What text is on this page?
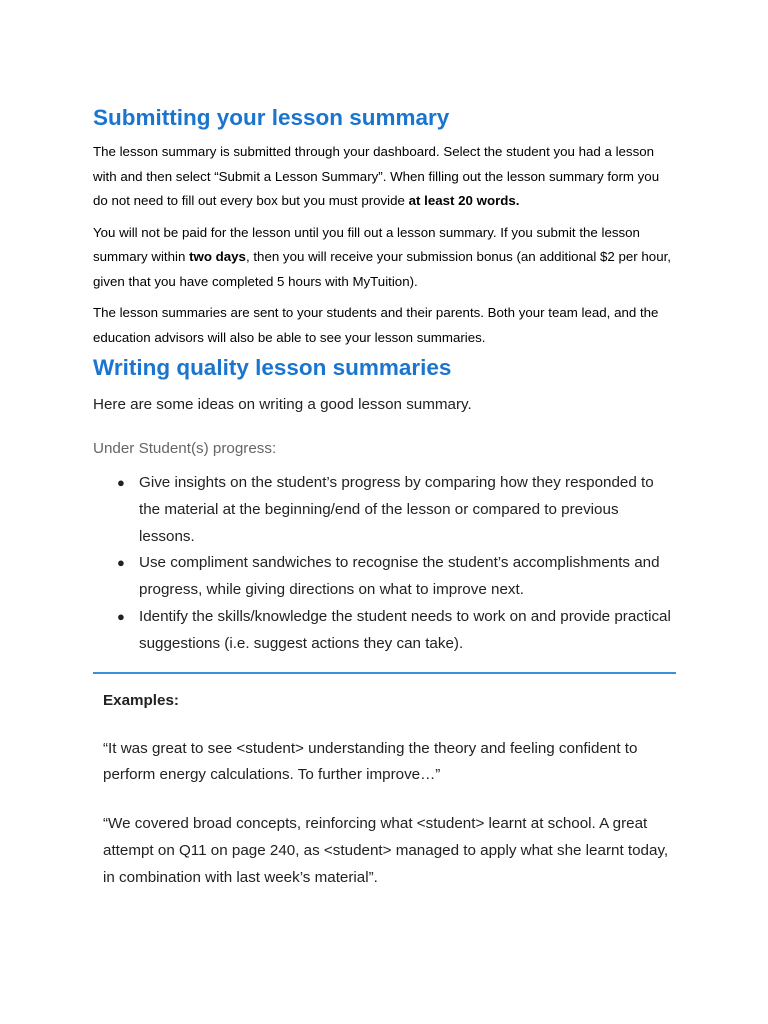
Submitting your lesson summary

The lesson summary is submitted through your dashboard. Select the student you had a lesson with and then select “Submit a Lesson Summary”. When filling out the lesson summary form you do not need to fill out every box but you must provide at least 20 words.

You will not be paid for the lesson until you fill out a lesson summary. If you submit the lesson summary within two days, then you will receive your submission bonus (an additional $2 per hour, given that you have completed 5 hours with MyTuition).

The lesson summaries are sent to your students and their parents. Both your team lead, and the education advisors will also be able to see your lesson summaries.

Writing quality lesson summaries

Here are some ideas on writing a good lesson summary.

Under Student(s) progress:

● Give insights on the student’s progress by comparing how they responded to the material at the beginning/end of the lesson or compared to previous lessons.
● Use compliment sandwiches to recognise the student’s accomplishments and progress, while giving directions on what to improve next.
● Identify the skills/knowledge the student needs to work on and provide practical suggestions (i.e. suggest actions they can take).
Examples:
“It was great to see <student> understanding the theory and feeling confident to perform energy calculations. To further improve…”
“We covered broad concepts, reinforcing what <student> learnt at school. A great attempt on Q11 on page 240, as <student> managed to apply what she learnt today, in combination with last week’s material”.
